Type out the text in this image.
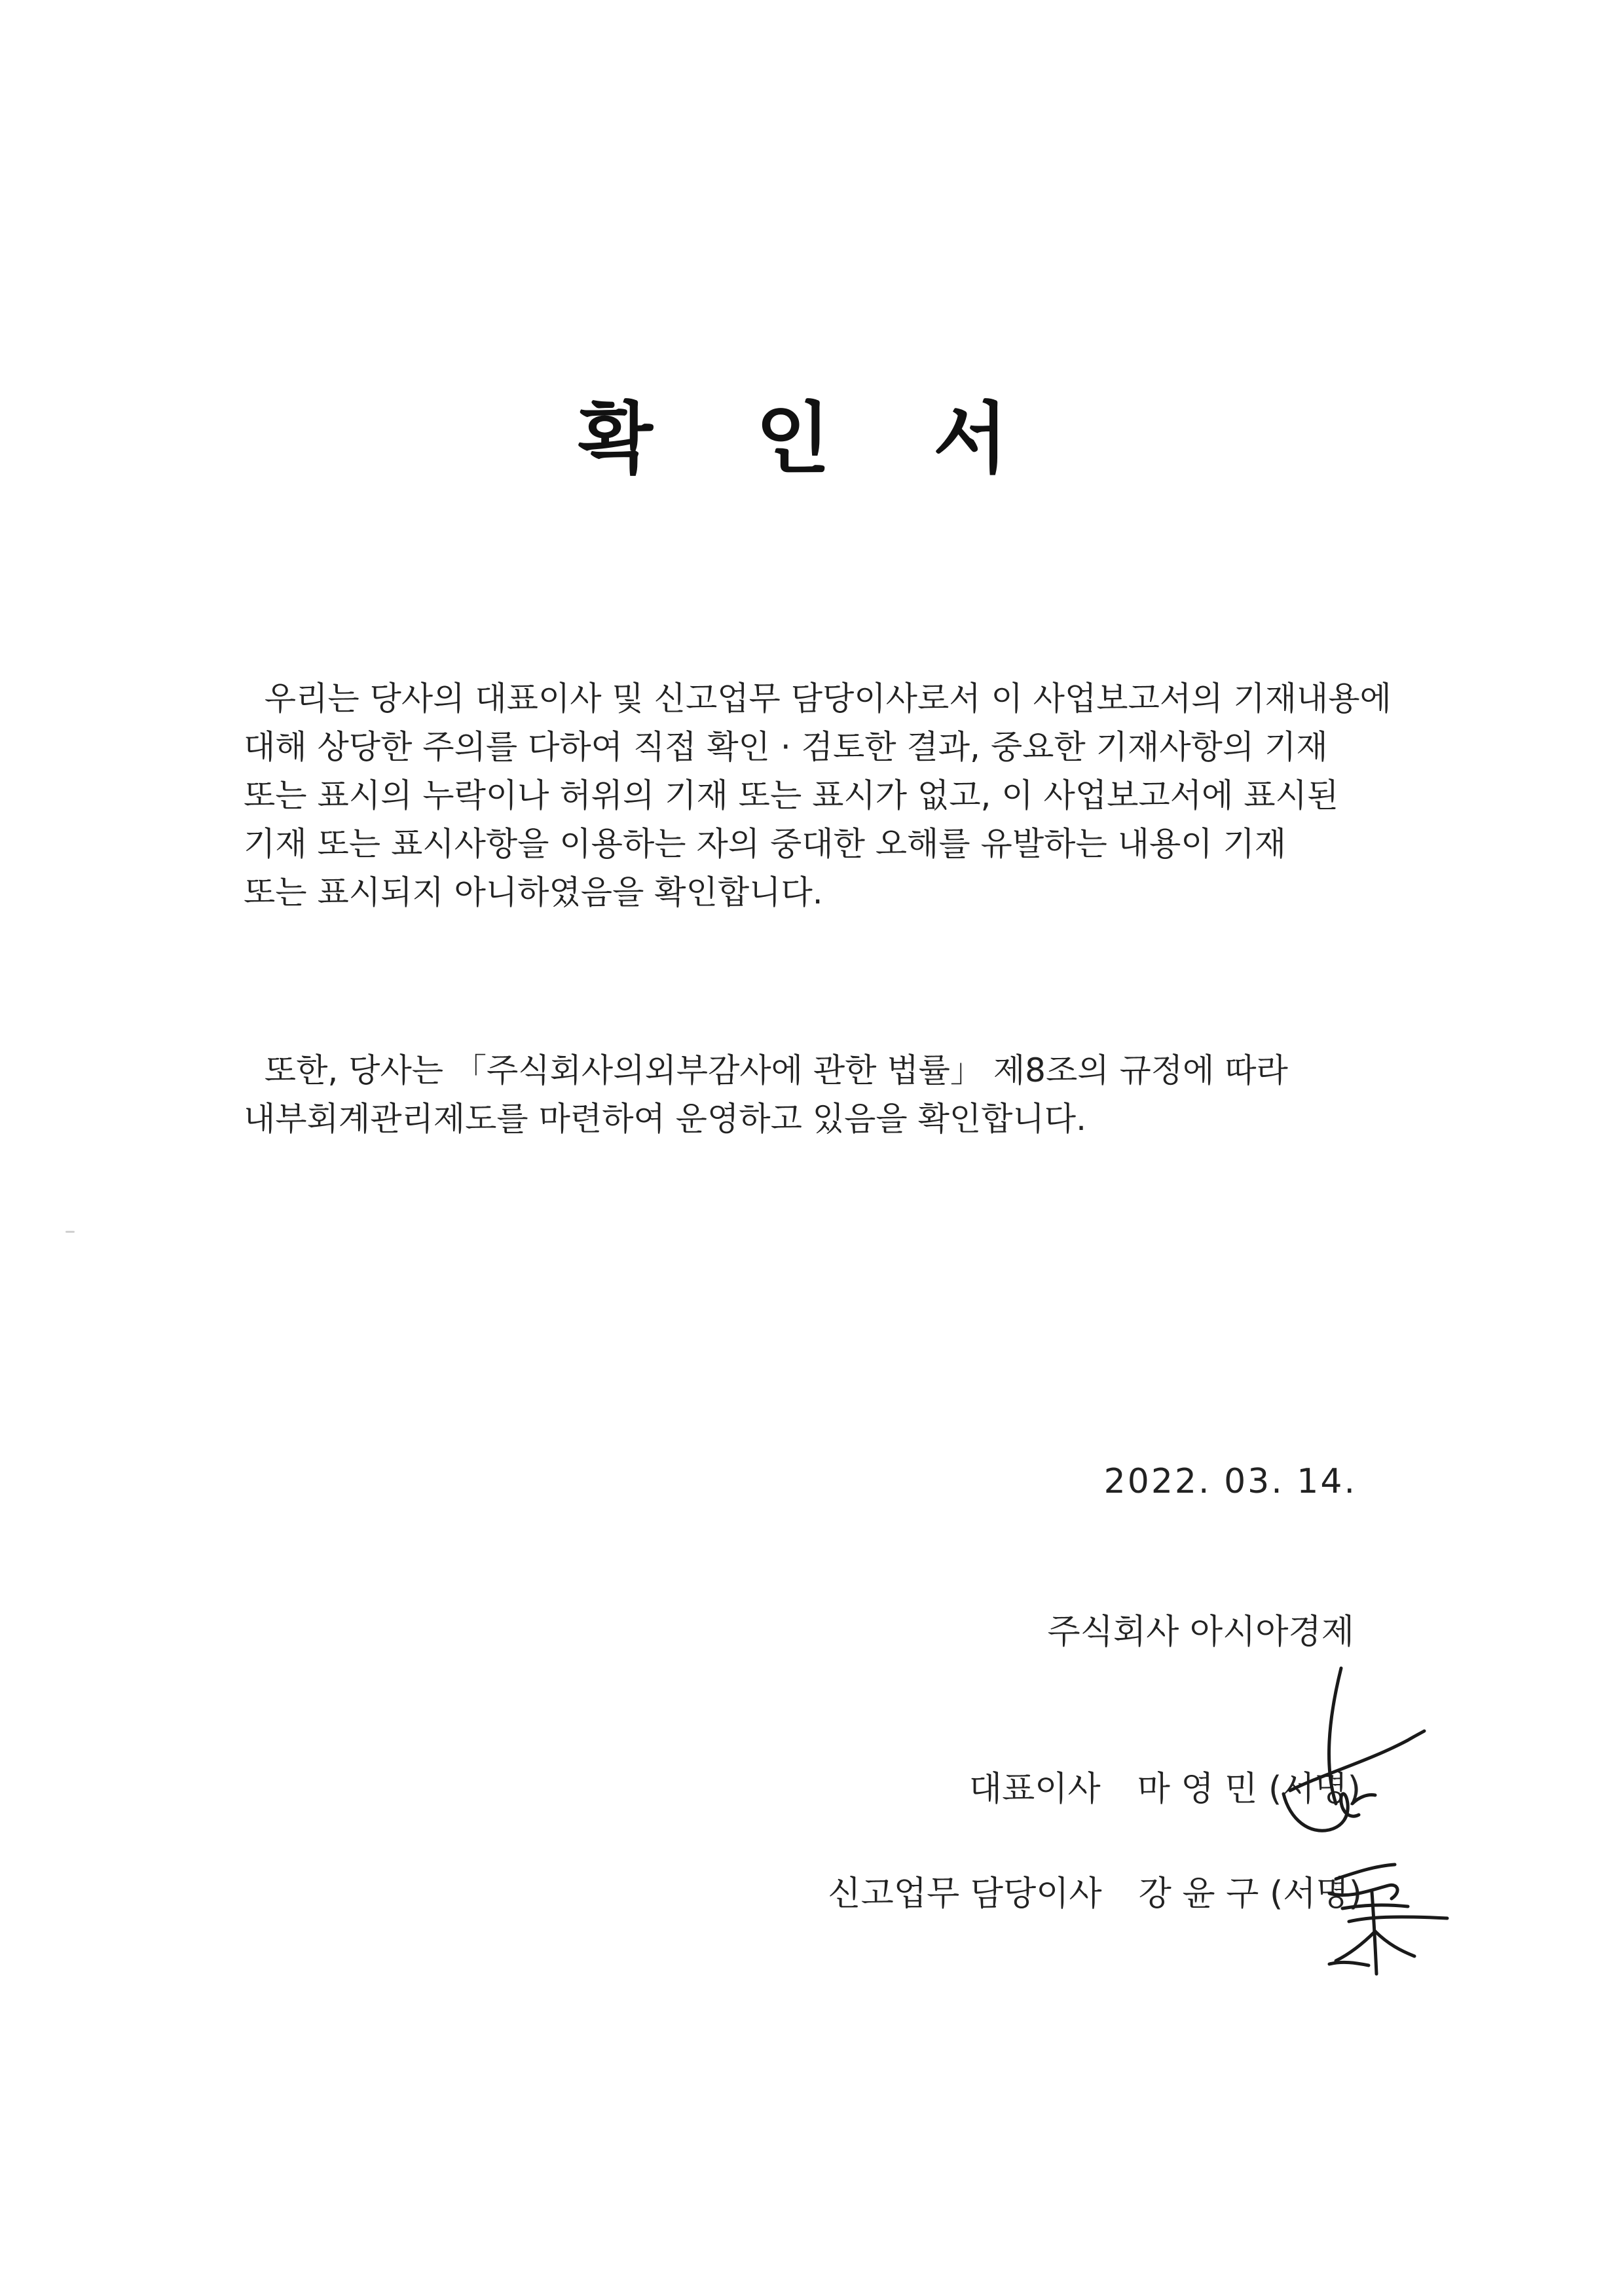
확 인 서
우리는 당사의 대표이사 및 신고업무 담당이사로서 이 사업보고서의 기재내용에
대해 상당한 주의를 다하여 직접 확인 · 검토한 결과, 중요한 기재사항의 기재
또는 표시의 누락이나 허위의 기재 또는 표시가 없고, 이 사업보고서에 표시된
기재 또는 표시사항을 이용하는 자의 중대한 오해를 유발하는 내용이 기재
또는 표시되지 아니하였음을 확인합니다.
또한, 당사는 「주식회사의외부감사에 관한 법률」 제8조의 규정에 따라
내부회계관리제도를 마련하여 운영하고 있음을 확인합니다.
2022. 03. 14.
주식회사 아시아경제
대표이사 마 영 민 (서명)
신고업무 담당이사 강 윤 구 (서명)
